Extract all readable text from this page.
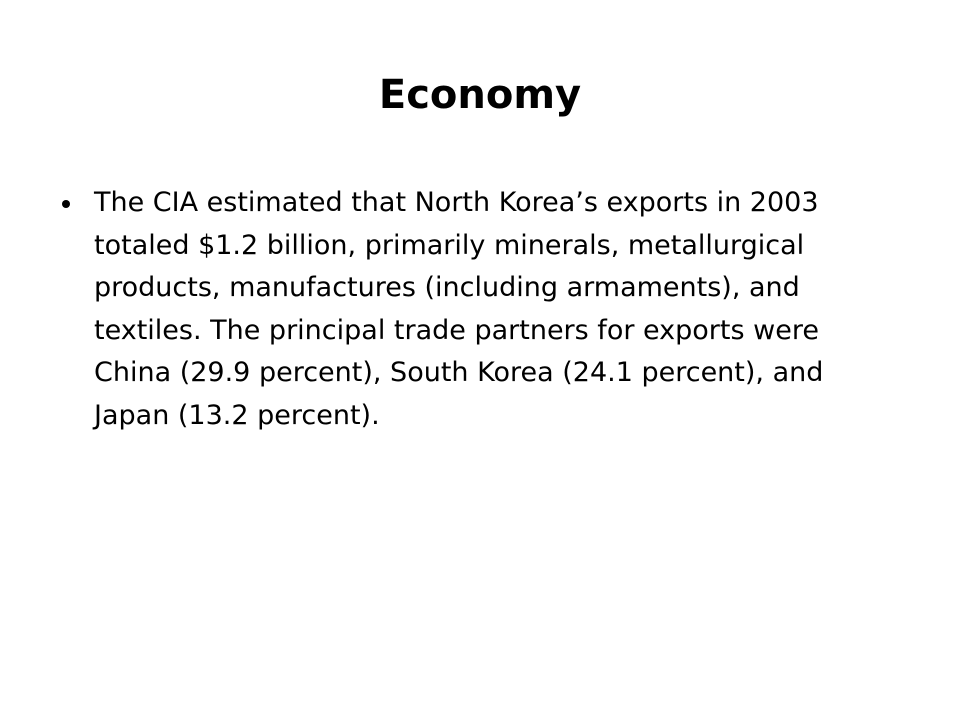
Economy
The CIA estimated that North Korea’s exports in 2003 totaled $1.2 billion, primarily minerals, metallurgical products, manufactures (including armaments), and textiles. The principal trade partners for exports were China (29.9 percent), South Korea (24.1 percent), and Japan (13.2 percent).
